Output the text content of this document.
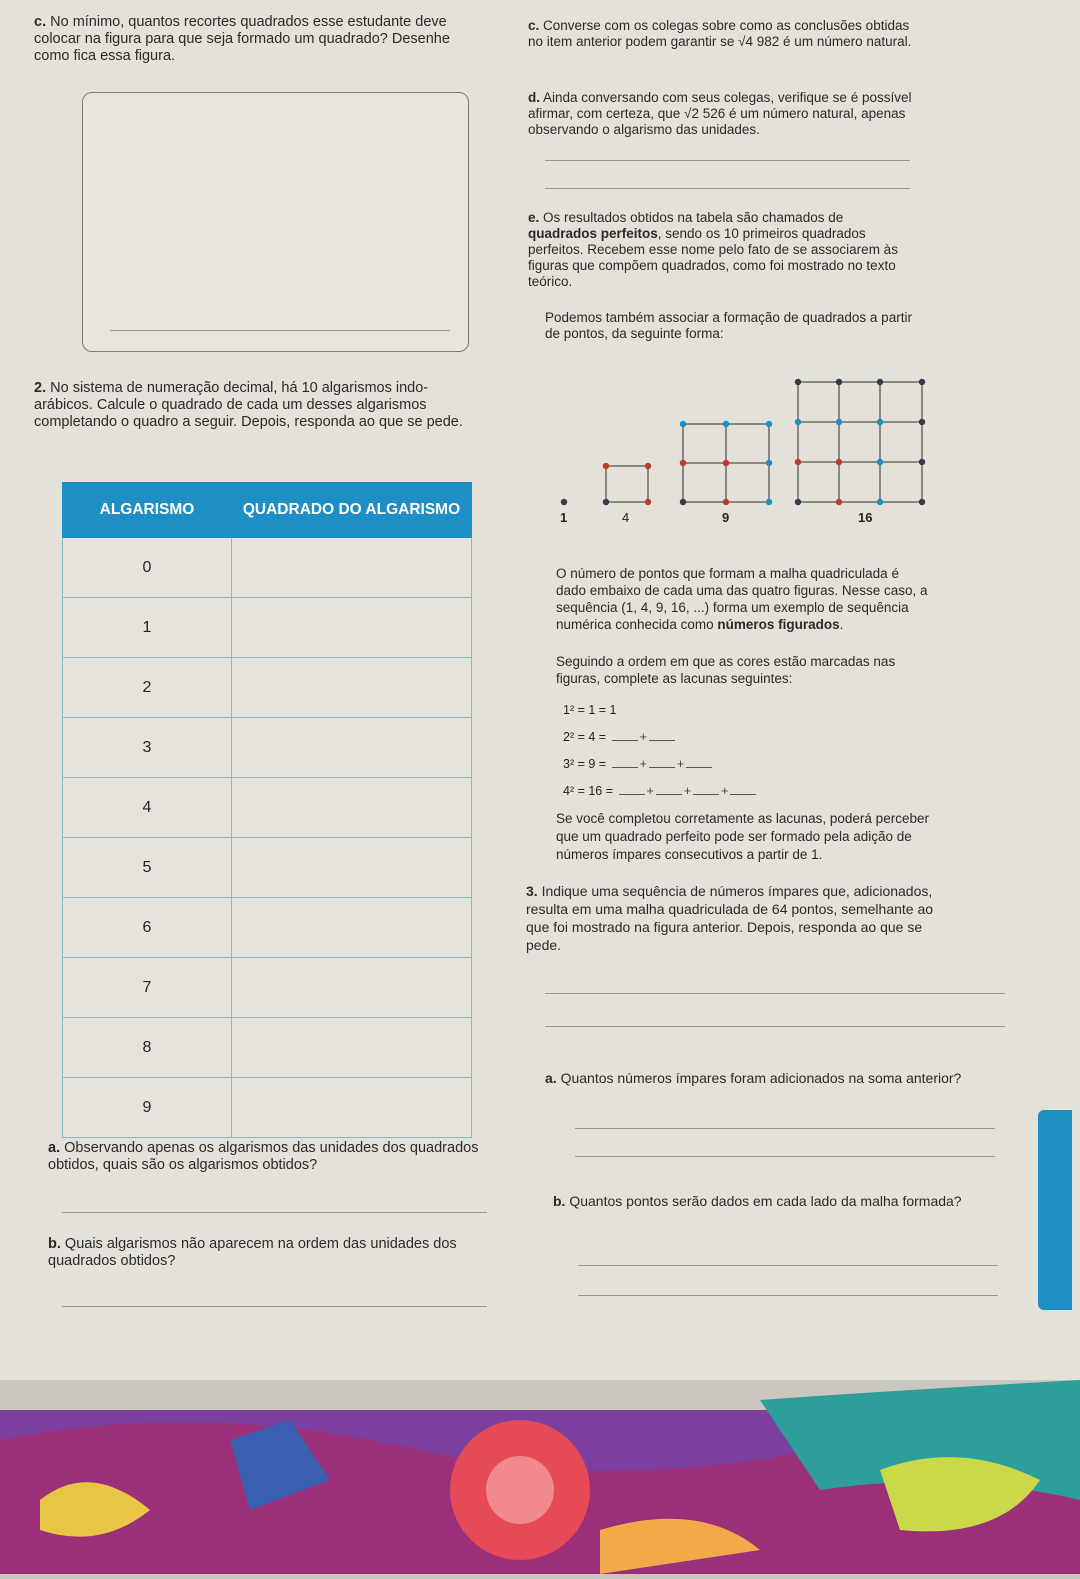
c. No mínimo, quantos recortes quadrados esse estudante deve colocar na figura para que seja formado um quadrado? Desenhe como fica essa figura.
c. Converse com os colegas sobre como as conclusões obtidas no item anterior podem garantir se √4 982 é um número natural.
d. Ainda conversando com seus colegas, verifique se é possível afirmar, com certeza, que √2 526 é um número natural, apenas observando o algarismo das unidades.
e. Os resultados obtidos na tabela são chamados de quadrados perfeitos, sendo os 10 primeiros quadrados perfeitos. Recebem esse nome pelo fato de se associarem às figuras que compõem quadrados, como foi mostrado no texto teórico.
Podemos também associar a formação de quadrados a partir de pontos, da seguinte forma:
1	4	9	16
2. No sistema de numeração decimal, há 10 algarismos indo-arábicos. Calcule o quadrado de cada um desses algarismos completando o quadro a seguir. Depois, responda ao que se pede.
ALGARISMO	QUADRADO DO ALGARISMO
0	
1	
2	
3	
4	
5	
6	
7	
8	
9	
a. Observando apenas os algarismos das unidades dos quadrados obtidos, quais são os algarismos obtidos?
b. Quais algarismos não aparecem na ordem das unidades dos quadrados obtidos?
O número de pontos que formam a malha quadriculada é dado embaixo de cada uma das quatro figuras. Nesse caso, a sequência (1, 4, 9, 16, ...) forma um exemplo de sequência numérica conhecida como números figurados.
Seguindo a ordem em que as cores estão marcadas nas figuras, complete as lacunas seguintes:
1² = 1 = 1
2² = 4 =	+
3² = 9 =	+ +
4² = 16 =	+ + +
Se você completou corretamente as lacunas, poderá perceber que um quadrado perfeito pode ser formado pela adição de números ímpares consecutivos a partir de 1.
3. Indique uma sequência de números ímpares que, adicionados, resulta em uma malha quadriculada de 64 pontos, semelhante ao que foi mostrado na figura anterior. Depois, responda ao que se pede.
a. Quantos números ímpares foram adicionados na soma anterior?
b. Quantos pontos serão dados em cada lado da malha formada?
